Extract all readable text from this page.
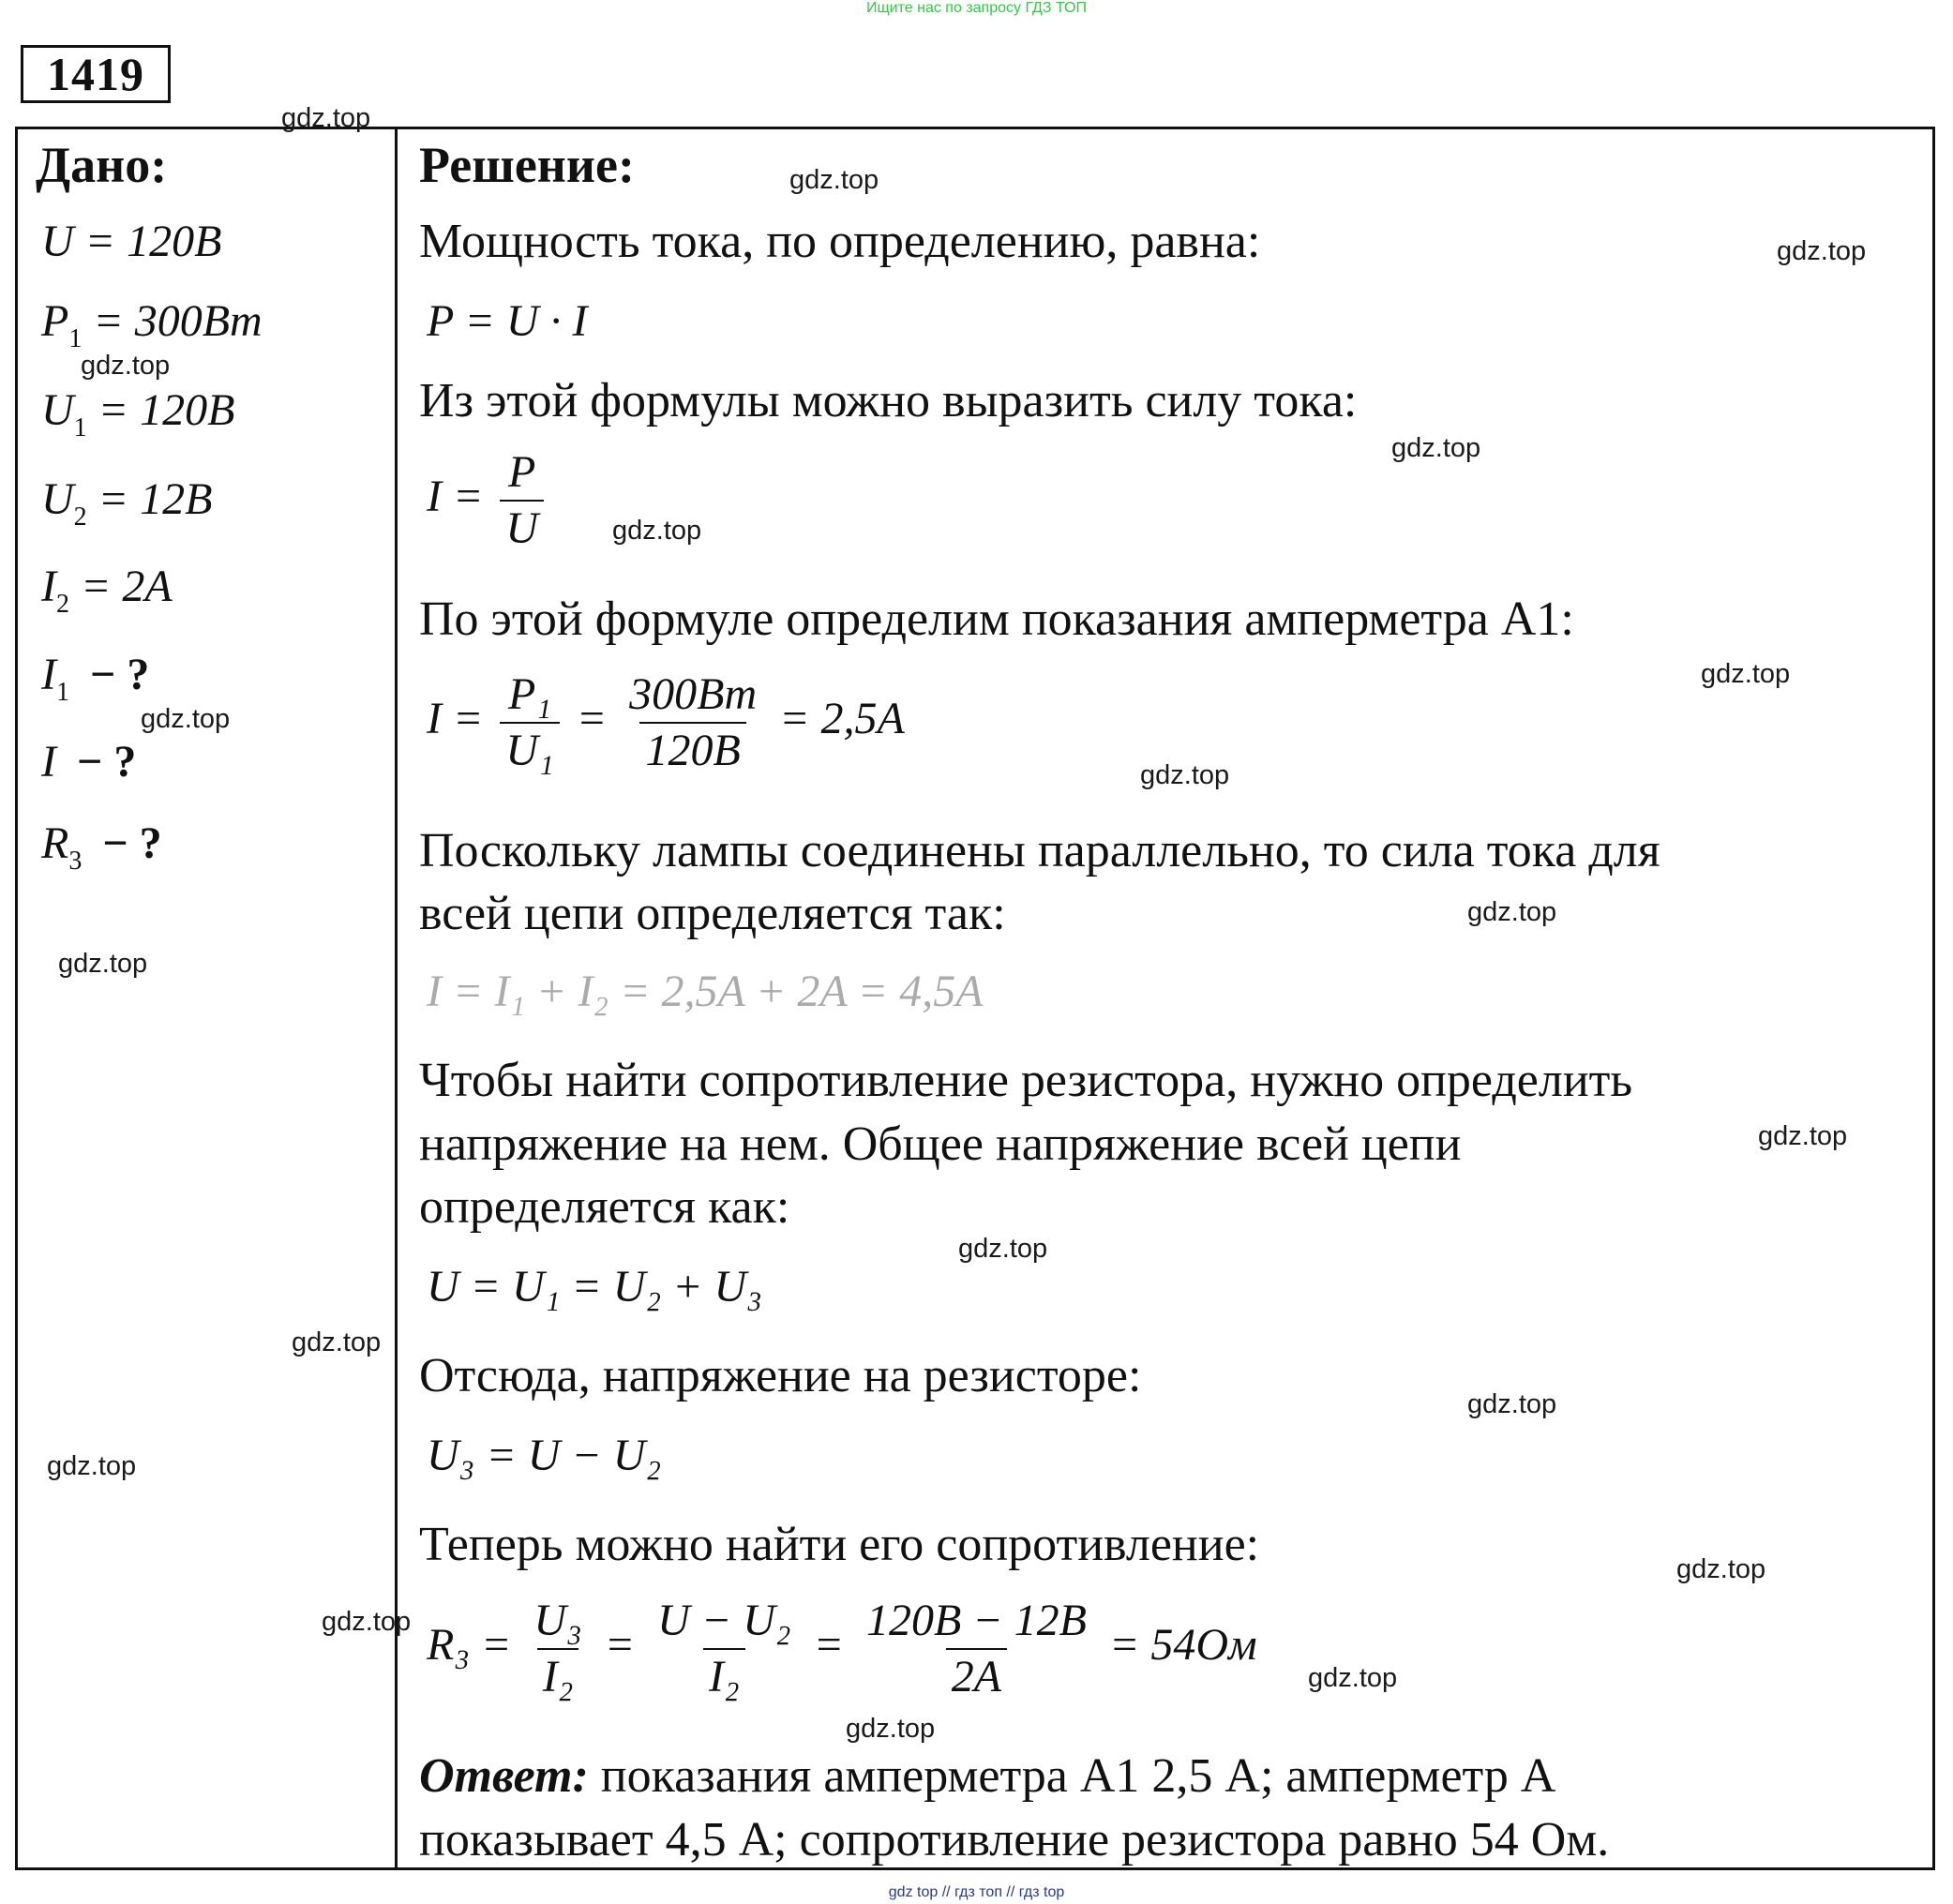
Ищите нас по запросу ГДЗ ТОП
1419
Дано:
U = 120B
$P_1 = 300Bm$
$U_1 = 120B$
$U_2 = 12B$
$I_2 = 2A$
$I_1$ − ?
I − ?
$R_3$ − ?
Решение:
Мощность тока, по определению, равна:
P = U · I
Из этой формулы можно выразить силу тока:
$I = \frac{P}{U}$
По этой формуле определим показания амперметра А1:
$I = \frac{\text{P₁}}{\text{U₁}} = \frac{300Bm}{120B} = 2,5A$
Поскольку лампы соединены параллельно, то сила тока для
всей цепи определяется так:
I = I₁ + I₂ = 2,5A + 2A = 4,5A
Чтобы найти сопротивление резистора, нужно определить
напряжение на нем. Общее напряжение всей цепи
определяется как:
U = U₁ = U₂ + U₃
Отсюда, напряжение на резисторе:
U₃ = U − U₂
Теперь можно найти его сопротивление:
$R_3 = \frac{\text{U₃}}{\text{I₂}} = \frac{\text{U − U₂}}{\text{I₂}} = \frac{120B - 12B}{2A} = 54Ом$
Ответ: показания амперметра А1 2,5 А; амперметр А
показывает 4,5 А; сопротивление резистора равно 54 Ом.
gdz.top
gdz.top
gdz.top
gdz.top
gdz.top
gdz.top
gdz.top
gdz.top
gdz.top
gdz.top
gdz.top
gdz.top
gdz.top
gdz.top
gdz.top
gdz.top
gdz.top
gdz.top
gdz.top
gdz.top
gdz top // гдз топ // гдз top
